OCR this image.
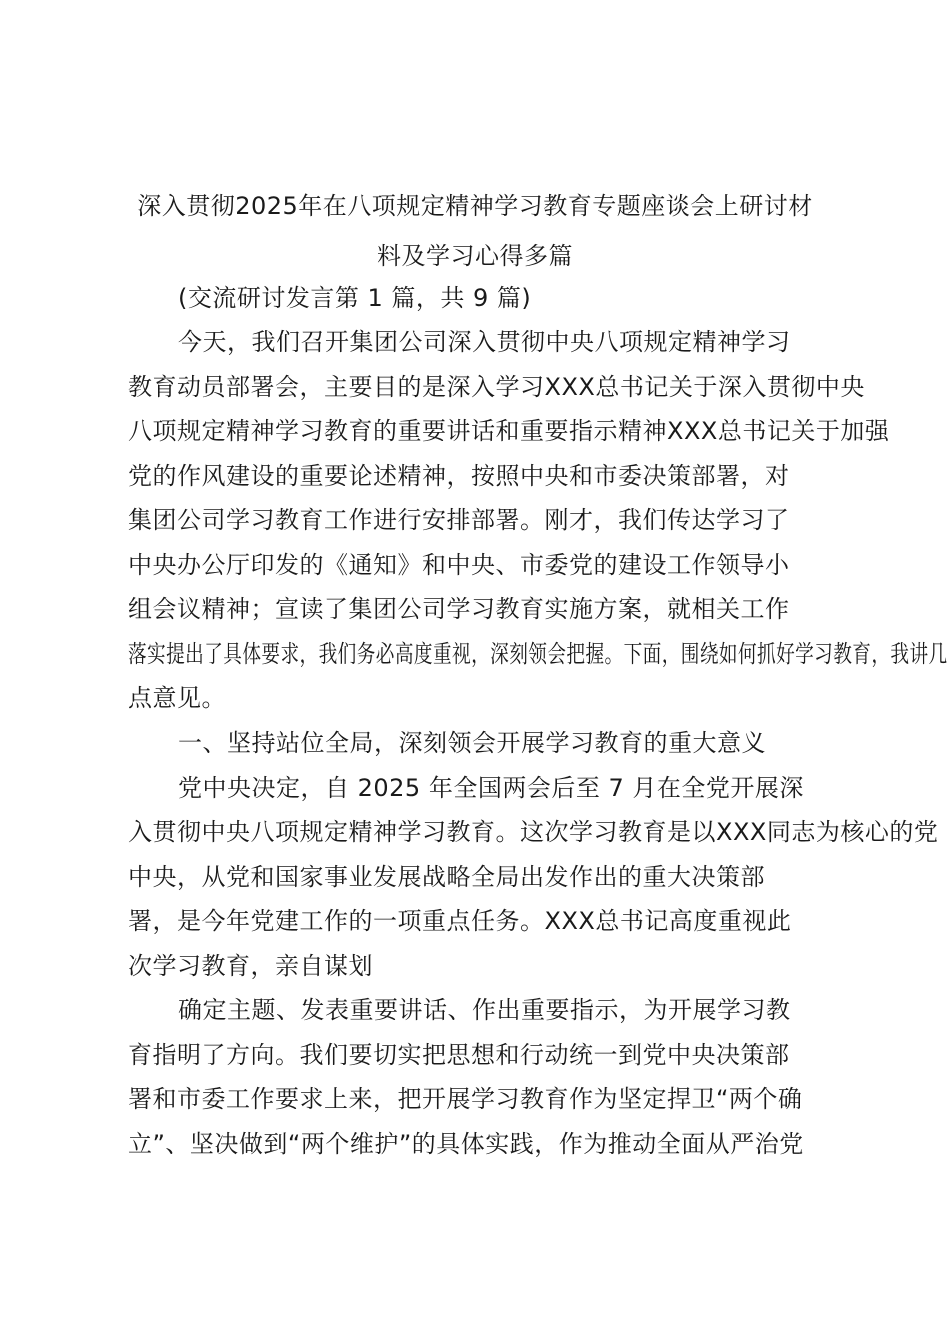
深入贯彻2025年在八项规定精神学习教育专题座谈会上研讨材
料及学习心得多篇
(交流研讨发言第 1 篇，共 9 篇)
今天，我们召开集团公司深入贯彻中央八项规定精神学习
教育动员部署会，主要目的是深入学习XXX总书记关于深入贯彻中央
八项规定精神学习教育的重要讲话和重要指示精神XXX总书记关于加强
党的作风建设的重要论述精神，按照中央和市委决策部署，对
集团公司学习教育工作进行安排部署。刚才，我们传达学习了
中央办公厅印发的《通知》和中央、市委党的建设工作领导小
组会议精神；宣读了集团公司学习教育实施方案，就相关工作
落实提出了具体要求，我们务必高度重视，深刻领会把握。下面，围绕如何抓好学习教育，我讲几
点意见。
一、坚持站位全局，深刻领会开展学习教育的重大意义
党中央决定，自 2025 年全国两会后至 7 月在全党开展深
入贯彻中央八项规定精神学习教育。这次学习教育是以XXX同志为核心的党
中央，从党和国家事业发展战略全局出发作出的重大决策部
署，是今年党建工作的一项重点任务。XXX总书记高度重视此
次学习教育，亲自谋划
确定主题、发表重要讲话、作出重要指示，为开展学习教
育指明了方向。我们要切实把思想和行动统一到党中央决策部
署和市委工作要求上来，把开展学习教育作为坚定捍卫“两个确
立”、坚决做到“两个维护”的具体实践，作为推动全面从严治党
